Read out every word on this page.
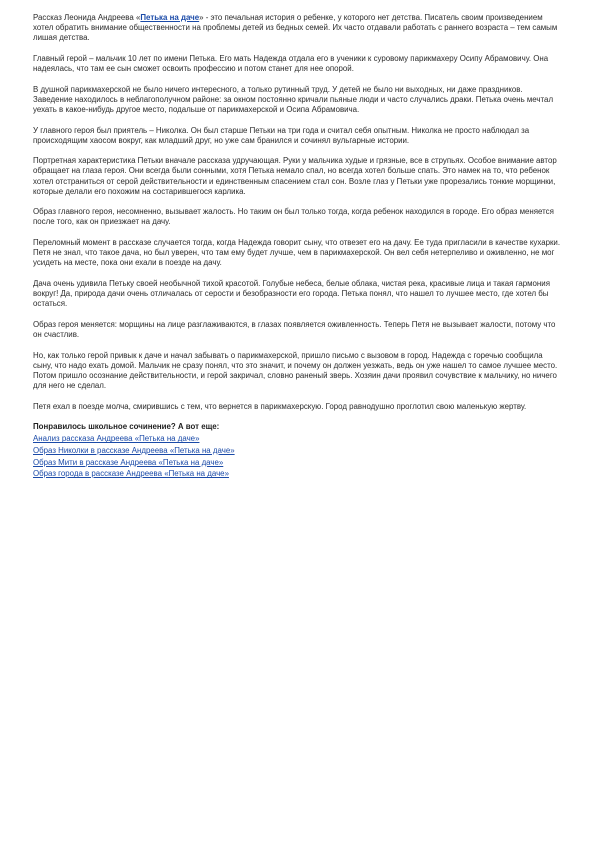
Рассказ Леонида Андреева «Петька на даче» - это печальная история о ребенке, у которого нет детства. Писатель своим произведением хотел обратить внимание общественности на проблемы детей из бедных семей. Их часто отдавали работать с раннего возраста – тем самым лишая детства.

Главный герой – мальчик 10 лет по имени Петька. Его мать Надежда отдала его в ученики к суровому парикмахеру Осипу Абрамовичу. Она надеялась, что там ее сын сможет освоить профессию и потом станет для нее опорой.

В душной парикмахерской не было ничего интересного, а только рутинный труд. У детей не было ни выходных, ни даже праздников. Заведение находилось в неблагополучном районе: за окном постоянно кричали пьяные люди и часто случались драки. Петька очень мечтал уехать в какое-нибудь другое место, подальше от парикмахерской и Осипа Абрамовича.

У главного героя был приятель – Николка. Он был старше Петьки на три года и считал себя опытным. Николка не просто наблюдал за происходящим хаосом вокруг, как младший друг, но уже сам бранился и сочинял вульгарные истории.

Портретная характеристика Петьки вначале рассказа удручающая. Руки у мальчика худые и грязные, все в струпьях. Особое внимание автор обращает на глаза героя. Они всегда были сонными, хотя Петька немало спал, но всегда хотел больше спать. Это намек на то, что ребенок хотел отстраниться от серой действительности и единственным спасением стал сон. Возле глаз у Петьки уже прорезались тонкие морщинки, которые делали его похожим на состарившегося карлика.

Образ главного героя, несомненно, вызывает жалость. Но таким он был только тогда, когда ребенок находился в городе. Его образ меняется после того, как он приезжает на дачу.

Переломный момент в рассказе случается тогда, когда Надежда говорит сыну, что отвезет его на дачу. Ее туда пригласили в качестве кухарки. Петя не знал, что такое дача, но был уверен, что там ему будет лучше, чем в парикмахерской. Он вел себя нетерпеливо и оживленно, не мог усидеть на месте, пока они ехали в поезде на дачу.

Дача очень удивила Петьку своей необычной тихой красотой. Голубые небеса, белые облака, чистая река, красивые лица и такая гармония вокруг! Да, природа дачи очень отличалась от серости и безобразности его города. Петька понял, что нашел то лучшее место, где хотел бы остаться.

Образ героя меняется: морщины на лице разглаживаются, в глазах появляется оживленность. Теперь Петя не вызывает жалости, потому что он счастлив.

Но, как только герой привык к даче и начал забывать о парикмахерской, пришло письмо с вызовом в город. Надежда с горечью сообщила сыну, что надо ехать домой. Мальчик не сразу понял, что это значит, и почему он должен уезжать, ведь он уже нашел то самое лучшее место. Потом пришло осознание действительности, и герой закричал, словно раненый зверь. Хозяин дачи проявил сочувствие к мальчику, но ничего для него не сделал.

Петя ехал в поезде молча, смирившись с тем, что вернется в парикмахерскую. Город равнодушно проглотил свою маленькую жертву.

Понравилось школьное сочинение? А вот еще:
Анализ рассказа Андреева «Петька на даче»
Образ Николки в рассказе Андреева «Петька на даче»
Образ Мити в рассказе Андреева «Петька на даче»
Образ города в рассказе Андреева «Петька на даче»
